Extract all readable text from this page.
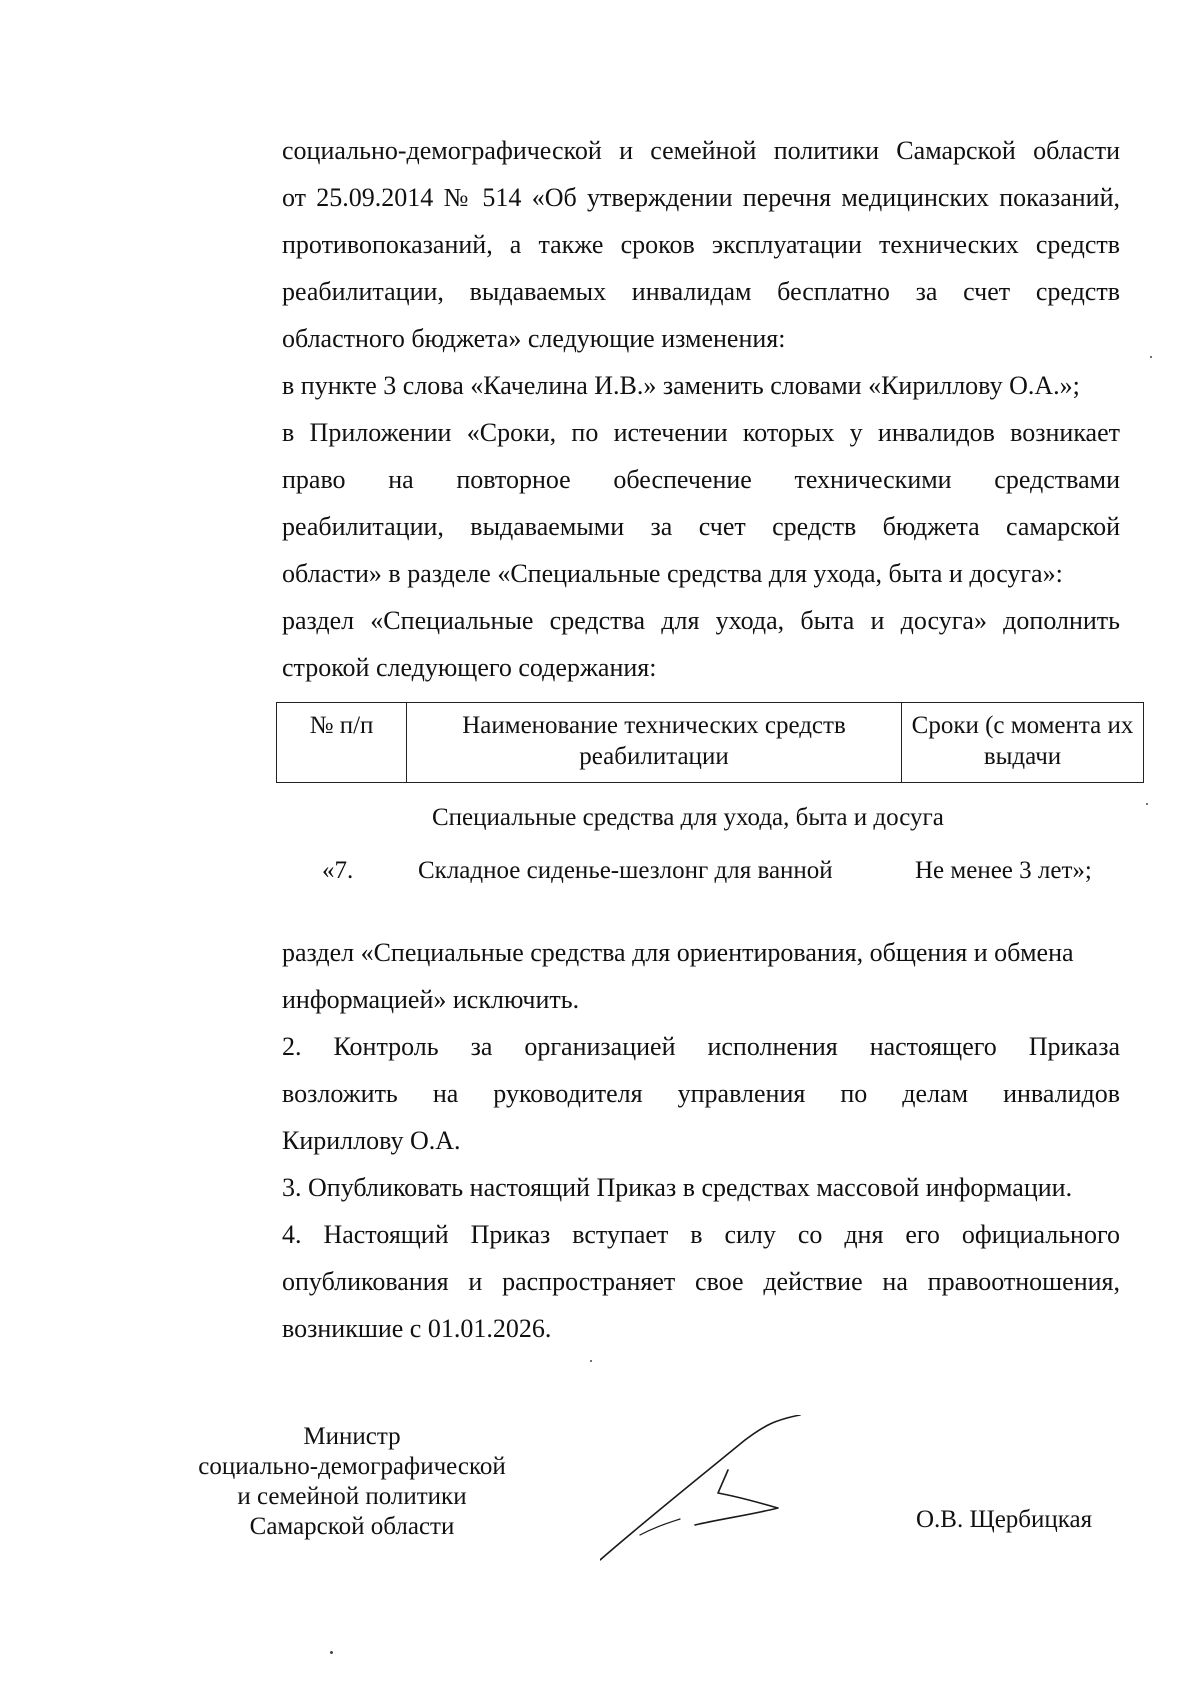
социально-демографической и семейной политики Самарской области
от 25.09.2014 № 514 «Об утверждении перечня медицинских показаний,
противопоказаний, а также сроков эксплуатации технических средств
реабилитации, выдаваемых инвалидам бесплатно за счет средств
областного бюджета» следующие изменения:
в пункте 3 слова «Качелина И.В.» заменить словами «Кириллову О.А.»;
в Приложении «Сроки, по истечении которых у инвалидов возникает
право на повторное обеспечение техническими средствами
реабилитации, выдаваемыми за счет средств бюджета самарской
области» в разделе «Специальные средства для ухода, быта и досуга»:
раздел «Специальные средства для ухода, быта и досуга» дополнить
строкой следующего содержания:
№ п/п	Наименование технических средств реабилитации	Сроки (с момента их выдачи
Специальные средства для ухода, быта и досуга
«7.	Складное сиденье-шезлонг для ванной	Не менее 3 лет»;
раздел «Специальные средства для ориентирования, общения и обмена
информацией» исключить.
2. Контроль за организацией исполнения настоящего Приказа
возложить на руководителя управления по делам инвалидов
Кириллову О.А.
3. Опубликовать настоящий Приказ в средствах массовой информации.
4. Настоящий Приказ вступает в силу со дня его официального
опубликования и распространяет свое действие на правоотношения,
возникшие с 01.01.2026.
Министр
социально-демографической
и семейной политики
Самарской области	О.В. Щербицкая
